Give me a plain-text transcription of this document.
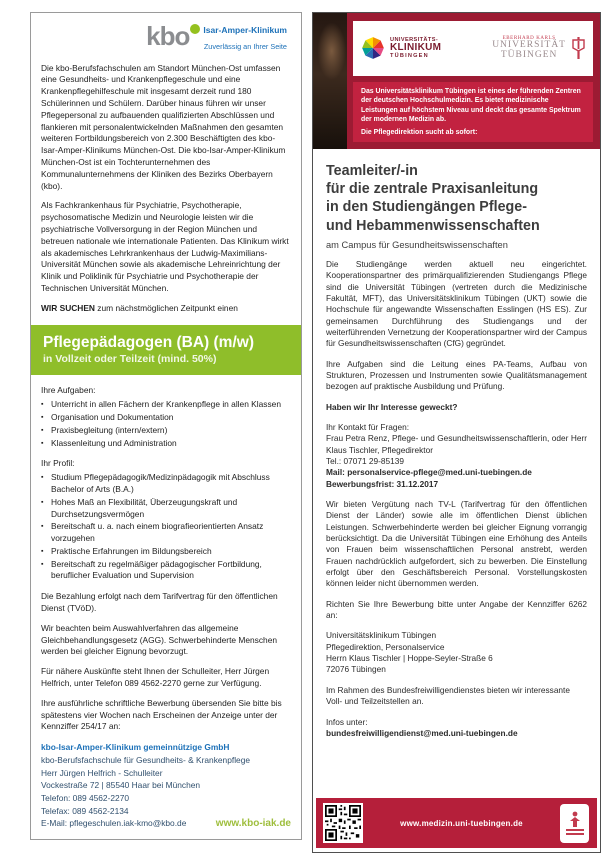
kbo Isar-Amper-Klinikum
Zuverlässig an Ihrer Seite

Die kbo-Berufsfachschulen am Standort München-Ost umfassen eine Gesundheits- und Krankenpflegeschule und eine Krankenpflegehilfeschule mit insgesamt derzeit rund 180 Schülerinnen und Schülern. Darüber hinaus führen wir unser Pflegepersonal zu aufbauenden qualifizierten Abschlüssen und flankieren mit personalentwickelnden Maßnahmen den gesamten weiteren Fortbildungsbereich von 2.300 Beschäftigten des kbo-Isar-Amper-Klinikums München-Ost. Die kbo-Isar-Amper-Klinikum München-Ost ist ein Tochterunternehmen des Kommunalunternehmens der Kliniken des Bezirks Oberbayern (kbo).

Als Fachkrankenhaus für Psychiatrie, Psychotherapie, psychosomatische Medizin und Neurologie leisten wir die psychiatrische Vollversorgung in der Region München und betreuen nationale wie internationale Patienten. Das Klinikum wirkt als akademisches Lehrkrankenhaus der Ludwig-Maximilians-Universität München sowie als akademische Lehreinrichtung der Klinik und Poliklinik für Psychiatrie und Psychotherapie der Technischen Universität München.

WIR SUCHEN zum nächstmöglichen Zeitpunkt einen

Pflegepädagogen (BA) (m/w)
in Vollzeit oder Teilzeit (mind. 50%)

Ihre Aufgaben:

▪ Unterricht in allen Fächern der Krankenpflege in allen Klassen
▪ Organisation und Dokumentation
▪ Praxisbegleitung (intern/extern)
▪ Klassenleitung und Administration

Ihr Profil:

▪ Studium Pflegepädagogik/Medizinpädagogik mit Abschluss Bachelor of Arts (B.A.)
▪ Hohes Maß an Flexibilität, Überzeugungskraft und Durchsetzungsvermögen
▪ Bereitschaft u. a. nach einem biografieorientierten Ansatz vorzugehen
▪ Praktische Erfahrungen im Bildungsbereich
▪ Bereitschaft zu regelmäßiger pädagogischer Fortbildung, beruflicher Evaluation und Supervision

Die Bezahlung erfolgt nach dem Tarifvertrag für den öffentlichen Dienst (TVöD).

Wir beachten beim Auswahlverfahren das allgemeine Gleichbehandlungsgesetz (AGG). Schwerbehinderte Menschen werden bei gleicher Eignung bevorzugt.

Für nähere Auskünfte steht Ihnen der Schulleiter, Herr Jürgen Helfrich, unter Telefon 089 4562-2270 gerne zur Verfügung.

Ihre ausführliche schriftliche Bewerbung übersenden Sie bitte bis spätestens vier Wochen nach Erscheinen der Anzeige unter der Kennziffer 254/17 an:

kbo-Isar-Amper-Klinikum gemeinnützige GmbH
kbo-Berufsfachschule für Gesundheits- & Krankenpflege
Herr Jürgen Helfrich - Schulleiter
Vockestraße 72 | 85540 Haar bei München
Telefon: 089 4562-2270
Telefax: 089 4562-2134
E-Mail: pflegeschulen.iak-kmo@kbo.de	www.kbo-iak.de
UNIVERSITÄTS-
KLINIKUM
TÜBINGEN
EBERHARD KARLS
UNIVERSITÄT
TÜBINGEN
Das Universitätsklinikum Tübingen ist eines der führenden Zentren der deutschen Hochschulmedizin. Es bietet medizinische Leistungen auf höchstem Niveau und deckt das gesamte Spektrum der modernen Medizin ab.
Die Pflegedirektion sucht ab sofort:
Teamleiter/-in
für die zentrale Praxisanleitung
in den Studiengängen Pflege-
und Hebammenwissenschaften
am Campus für Gesundheitswissenschaften

Die Studiengänge werden aktuell neu eingerichtet. Kooperationspartner des primärqualifizierenden Studiengangs Pflege sind die Universität Tübingen (vertreten durch die Medizinische Fakultät, MFT), das Universitätsklinikum Tübingen (UKT) sowie die Hochschule für angewandte Wissenschaften Esslingen (HS ES). Zur gemeinsamen Durchführung des Studiengangs und der weiterführenden Vernetzung der Kooperationspartner wird der Campus für Gesundheitswissenschaften (CfG) gegründet.

Ihre Aufgaben sind die Leitung eines PA-Teams, Aufbau von Strukturen, Prozessen und Instrumenten sowie Qualitätsmanagement bezogen auf praktische Ausbildung und Prüfung.

Haben wir Ihr Interesse geweckt?

Ihr Kontakt für Fragen:
Frau Petra Renz, Pflege- und Gesundheitswissenschaftlerin, oder Herr Klaus Tischler, Pflegedirektor
Tel.: 07071 29-85139
Mail: personalservice-pflege@med.uni-tuebingen.de
Bewerbungsfrist: 31.12.2017

Wir bieten Vergütung nach TV-L (Tarifvertrag für den öffentlichen Dienst der Länder) sowie alle im öffentlichen Dienst üblichen Leistungen. Schwerbehinderte werden bei gleicher Eignung vorrangig berücksichtigt. Da die Universität Tübingen eine Erhöhung des Anteils von Frauen beim wissenschaftlichen Personal anstrebt, werden Frauen nachdrücklich aufgefordert, sich zu bewerben. Die Einstellung erfolgt über den Geschäftsbereich Personal. Vorstellungskosten können leider nicht übernommen werden.

Richten Sie Ihre Bewerbung bitte unter Angabe der Kennziffer 6262 an:

Universitätsklinikum Tübingen
Pflegedirektion, Personalservice
Herrn Klaus Tischler | Hoppe-Seyler-Straße 6
72076 Tübingen

Im Rahmen des Bundesfreiwilligendienstes bieten wir interessante Voll- und Teilzeitstellen an.

Infos unter:
bundesfreiwilligendienst@med.uni-tuebingen.de
www.medizin.uni-tuebingen.de
